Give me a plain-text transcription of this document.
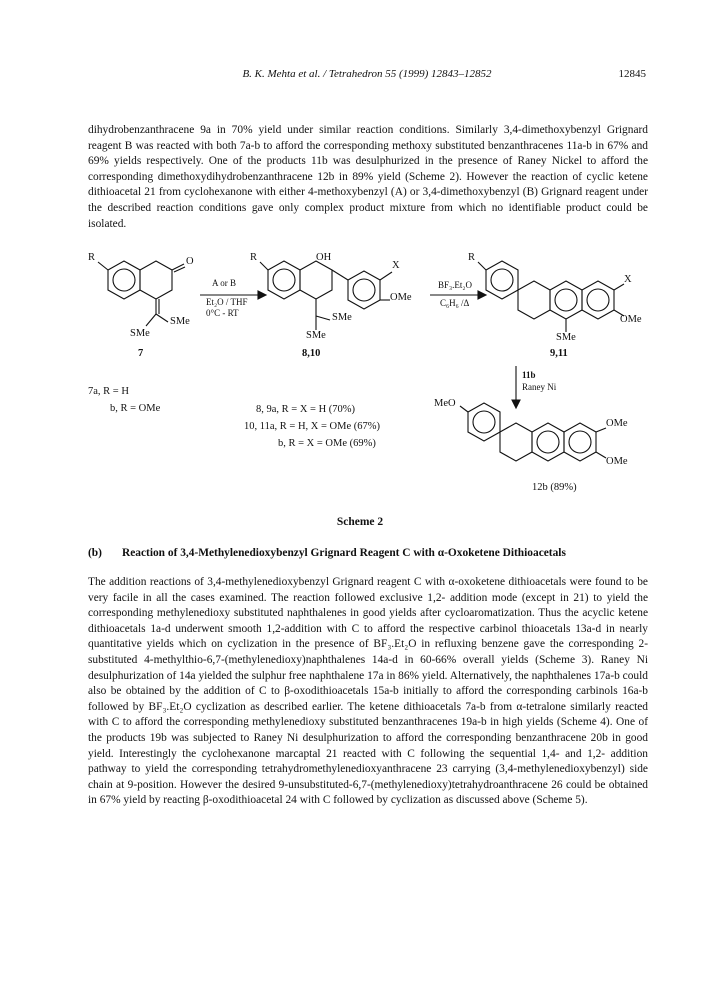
B. K. Mehta et al. / Tetrahedron 55 (1999) 12843–12852	12845

dihydrobenzanthracene 9a in 70% yield under similar reaction conditions. Similarly 3,4-dimethoxybenzyl Grignard reagent B was reacted with both 7a-b to afford the corresponding methoxy substituted benzanthracenes 11a-b in 67% and 69% yields respectively. One of the products 11b was desulphurized in the presence of Raney Nickel to afford the corresponding dimethoxydihydrobenzanthracene 12b in 89% yield (Scheme 2). However the reaction of cyclic ketene dithioacetal 21 from cyclohexanone with either 4-methoxybenzyl (A) or 3,4-dimethoxybenzyl (B) Grignard reagent under the described reaction conditions gave only complex product mixture from which no identifiable product could be isolated.

R	O
SMe
SMe
7
A or B
Et₂O / THF
0°C - RT
R	OH
X
OMe
SMe
SMe
8,10
BF₃.Et₂O
C₆H₆ /Δ
R
X
OMe
SMe
9,11
11b
Raney Ni
MeO
OMe
OMe
12b (89%)
7a, R = H
b, R = OMe	8, 9a, R = X = H (70%)
10, 11a, R = H, X = OMe (67%)
b, R = X = OMe (69%)
Scheme 2
(b) Reaction of 3,4-Methylenedioxybenzyl Grignard Reagent C with α-Oxoketene Dithioacetals

The addition reactions of 3,4-methylenedioxybenzyl Grignard reagent C with α-oxoketene dithioacetals were found to be very facile in all the cases examined. The reaction followed exclusive 1,2- addition mode (except in 21) to yield the corresponding methylenedioxy substituted naphthalenes in good yields after cycloaromatization. Thus the acyclic ketene dithioacetals 1a-d underwent smooth 1,2-addition with C to afford the respective carbinol thioacetals 13a-d in nearly quantitative yields which on cyclization in the presence of BF₃.Et₂O in refluxing benzene gave the corresponding 2-substituted 4-methylthio-6,7-(methylenedioxy)naphthalenes 14a-d in 60-66% overall yields (Scheme 3). Raney Ni desulphurization of 14a yielded the sulphur free naphthalene 17a in 86% yield. Alternatively, the naphthalenes 17a-b could also be obtained by the addition of C to β-oxodithioacetals 15a-b initially to afford the corresponding carbinols 16a-b followed by BF₃.Et₂O cyclization as described earlier. The ketene dithioacetals 7a-b from α-tetralone similarly reacted with C to afford the corresponding methylenedioxy substituted benzanthracenes 19a-b in high yields (Scheme 4). One of the products 19b was subjected to Raney Ni desulphurization to afford the corresponding benzanthracene 20b in good yield. Interestingly the cyclohexanone marcaptal 21 reacted with C following the sequential 1,4- and 1,2- addition pathway to yield the corresponding tetrahydromethylenedioxyanthracene 23 carrying (3,4-methylenedioxybenzyl) side chain at 9-position. However the desired 9-unsubstituted-6,7-(methylenedioxy)tetrahydroanthracene 26 could be obtained in 67% yield by reacting β-oxodithioacetal 24 with C followed by cyclization as discussed above (Scheme 5).
